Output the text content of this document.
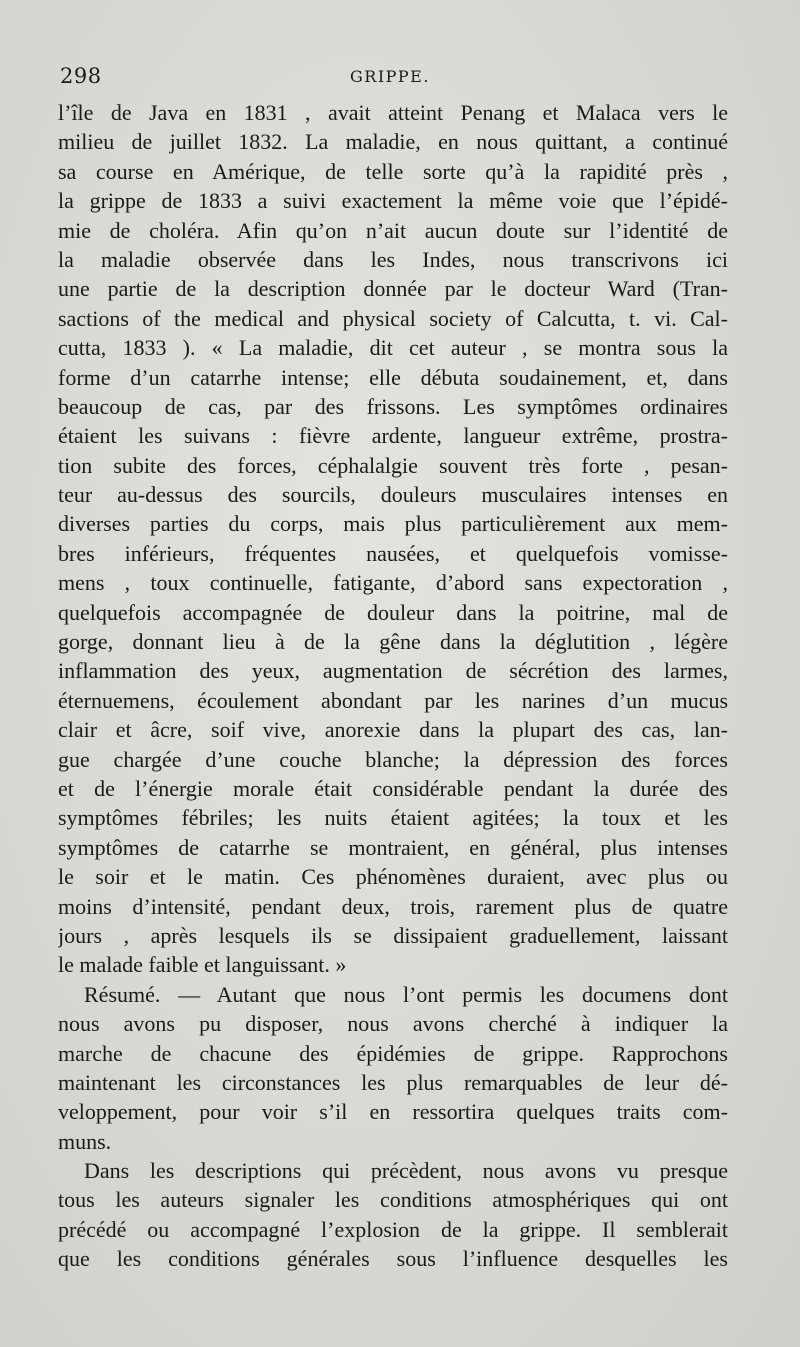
298	GRIPPE.
l’île de Java en 1831 , avait atteint Penang et Malaca vers le
milieu de juillet 1832. La maladie, en nous quittant, a continué
sa course en Amérique, de telle sorte qu’à la rapidité près ,
la grippe de 1833 a suivi exactement la même voie que l’épidé-
mie de choléra. Afin qu’on n’ait aucun doute sur l’identité de
la maladie observée dans les Indes, nous transcrivons ici
une partie de la description donnée par le docteur Ward (Tran-
sactions of the medical and physical society of Calcutta, t. vi. Cal-
cutta, 1833 ). « La maladie, dit cet auteur , se montra sous la
forme d’un catarrhe intense; elle débuta soudainement, et, dans
beaucoup de cas, par des frissons. Les symptômes ordinaires
étaient les suivans : fièvre ardente, langueur extrême, prostra-
tion subite des forces, céphalalgie souvent très forte , pesan-
teur au-dessus des sourcils, douleurs musculaires intenses en
diverses parties du corps, mais plus particulièrement aux mem-
bres inférieurs, fréquentes nausées, et quelquefois vomisse-
mens , toux continuelle, fatigante, d’abord sans expectoration ,
quelquefois accompagnée de douleur dans la poitrine, mal de
gorge, donnant lieu à de la gêne dans la déglutition , légère
inflammation des yeux, augmentation de sécrétion des larmes,
éternuemens, écoulement abondant par les narines d’un mucus
clair et âcre, soif vive, anorexie dans la plupart des cas, lan-
gue chargée d’une couche blanche; la dépression des forces
et de l’énergie morale était considérable pendant la durée des
symptômes fébriles; les nuits étaient agitées; la toux et les
symptômes de catarrhe se montraient, en général, plus intenses
le soir et le matin. Ces phénomènes duraient, avec plus ou
moins d’intensité, pendant deux, trois, rarement plus de quatre
jours , après lesquels ils se dissipaient graduellement, laissant
le malade faible et languissant. »
Résumé. — Autant que nous l’ont permis les documens dont
nous avons pu disposer, nous avons cherché à indiquer la
marche de chacune des épidémies de grippe. Rapprochons
maintenant les circonstances les plus remarquables de leur dé-
veloppement, pour voir s’il en ressortira quelques traits com-
muns.
Dans les descriptions qui précèdent, nous avons vu presque
tous les auteurs signaler les conditions atmosphériques qui ont
précédé ou accompagné l’explosion de la grippe. Il semblerait
que les conditions générales sous l’influence desquelles les
